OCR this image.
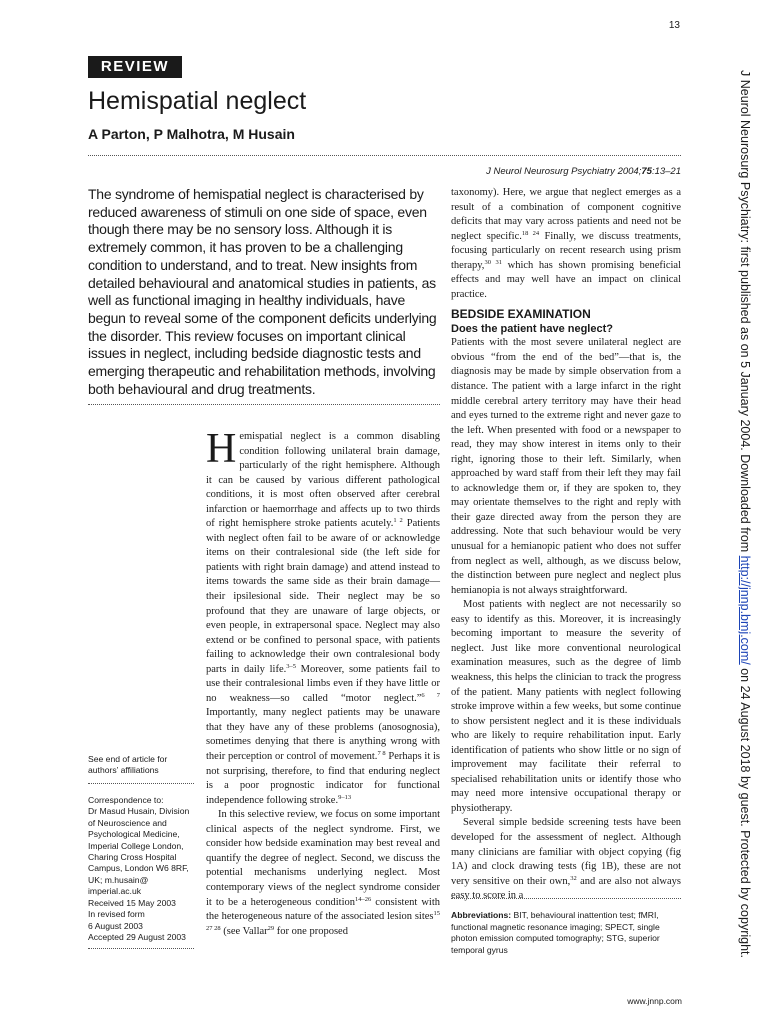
13
REVIEW
Hemispatial neglect
A Parton, P Malhotra, M Husain
J Neurol Neurosurg Psychiatry 2004;75:13–21

The syndrome of hemispatial neglect is characterised by reduced awareness of stimuli on one side of space, even though there may be no sensory loss. Although it is extremely common, it has proven to be a challenging condition to understand, and to treat. New insights from detailed behavioural and anatomical studies in patients, as well as functional imaging in healthy individuals, have begun to reveal some of the component deficits underlying the disorder. This review focuses on important clinical issues in neglect, including bedside diagnostic tests and emerging therapeutic and rehabilitation methods, involving both behavioural and drug treatments.

Hemispatial neglect is a common disabling condition following unilateral brain damage, particularly of the right hemisphere. Although it can be caused by various different pathological conditions, it is most often observed after cerebral infarction or haemorrhage and affects up to two thirds of right hemisphere stroke patients acutely.$^{1 2}$ Patients with neglect often fail to be aware of or acknowledge items on their contralesional side (the left side for patients with right brain damage) and attend instead to items towards the same side as their brain damage—their ipsilesional side. Their neglect may be so profound that they are unaware of large objects, or even people, in extrapersonal space. Neglect may also extend or be confined to personal space, with patients failing to acknowledge their own contralesional body parts in daily life.$^{3-5}$ Moreover, some patients fail to use their contralesional limbs even if they have little or no weakness—so called “motor neglect.”$^{6 7}$ Importantly, many neglect patients may be unaware that they have any of these problems (anosognosia), sometimes denying that there is anything wrong with their perception or control of movement.$^{7 8}$ Perhaps it is not surprising, therefore, to find that enduring neglect is a poor prognostic indicator for functional independence following stroke.$^{9-13}$

In this selective review, we focus on some important clinical aspects of the neglect syndrome. First, we consider how bedside examination may best reveal and quantify the degree of neglect. Second, we discuss the potential mechanisms underlying neglect. Most contemporary views of the neglect syndrome consider it to be a heterogeneous condition$^{14-26}$ consistent with the heterogeneous nature of the associated lesion sites$^{15 27 28}$ (see Vallar$^{29}$ for one proposed

taxonomy). Here, we argue that neglect emerges as a result of a combination of component cognitive deficits that may vary across patients and need not be neglect specific.$^{18 24}$ Finally, we discuss treatments, focusing particularly on recent research using prism therapy,$^{30 31}$ which has shown promising beneficial effects and may well have an impact on clinical practice.

BEDSIDE EXAMINATION
Does the patient have neglect?

Patients with the most severe unilateral neglect are obvious “from the end of the bed”—that is, the diagnosis may be made by simple observation from a distance. The patient with a large infarct in the right middle cerebral artery territory may have their head and eyes turned to the extreme right and never gaze to the left. When presented with food or a newspaper to read, they may show interest in items only to their right, ignoring those to their left. Similarly, when approached by ward staff from their left they may fail to acknowledge them or, if they are spoken to, they may orientate themselves to the right and reply with their gaze directed away from the person they are addressing. Note that such behaviour would be very unusual for a hemianopic patient who does not suffer from neglect as well, although, as we discuss below, the distinction between pure neglect and neglect plus hemianopia is not always straightforward.

Most patients with neglect are not necessarily so easy to identify as this. Moreover, it is increasingly becoming important to measure the severity of neglect. Just like more conventional neurological examination measures, such as the degree of limb weakness, this helps the clinician to track the progress of the patient. Many patients with neglect following stroke improve within a few weeks, but some continue to show persistent neglect and it is these individuals who are likely to require rehabilitation input. Early identification of patients who show little or no sign of improvement may facilitate their referral to specialised rehabilitation units or identify those who may need more intensive occupational therapy or physiotherapy.

Several simple bedside screening tests have been developed for the assessment of neglect. Although many clinicians are familiar with object copying (fig 1A) and clock drawing tests (fig 1B), these are not very sensitive on their own,$^{32}$ and are also not always easy to score in a

See end of article for
authors’ affiliations
Correspondence to:
Dr Masud Husain, Division
of Neuroscience and
Psychological Medicine,
Imperial College London,
Charing Cross Hospital
Campus, London W6 8RF,
UK; m.husain@
imperial.ac.uk
Received 15 May 2003
In revised form
6 August 2003
Accepted 29 August 2003
Abbreviations: BIT, behavioural inattention test; fMRI, functional magnetic resonance imaging; SPECT, single photon emission computed tomography; STG, superior temporal gyrus
www.jnnp.com
J Neurol Neurosurg Psychiatry: first published as on 5 January 2004. Downloaded from http://jnnp.bmj.com/ on 24 August 2018 by guest. Protected by copyright.
